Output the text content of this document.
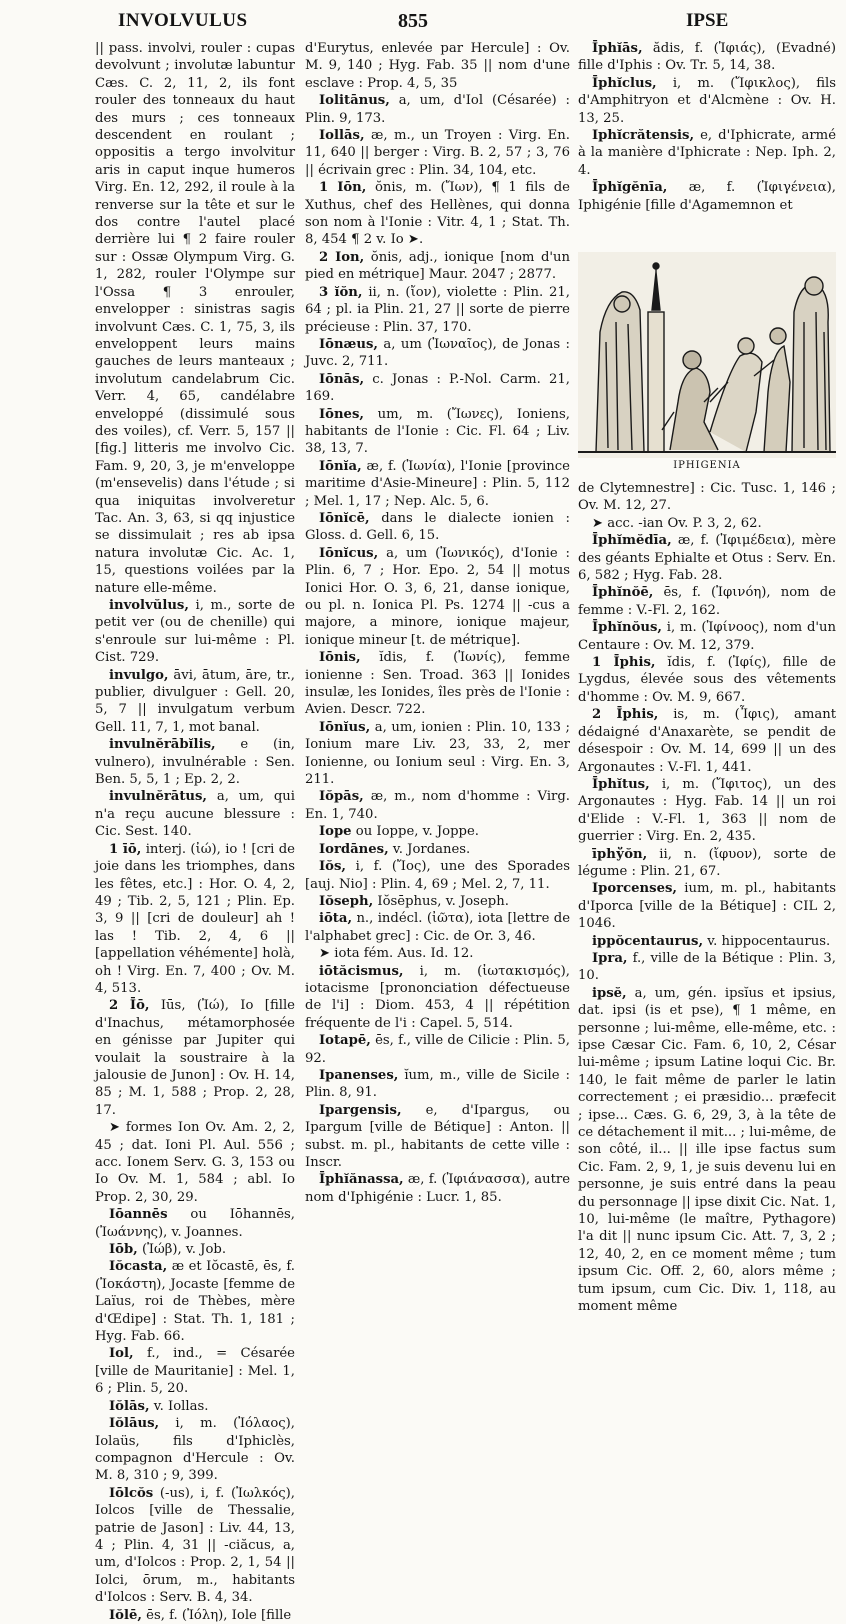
INVOLVULUS	855	IPSE

|| pass. involvi, rouler : cupas devolvunt ; involutæ labuntur Cæs. C. 2, 11, 2, ils font rouler des tonneaux du haut des murs ; ces tonneaux descendent en roulant ; oppositis a tergo involvitur aris in caput inque humeros Virg. En. 12, 292, il roule à la renverse sur la tête et sur le dos contre l'autel placé derrière lui ¶ 2 faire rouler sur : Ossæ Olympum Virg. G. 1, 282, rouler l'Olympe sur l'Ossa ¶ 3 enrouler, envelopper : sinistras sagis involvunt Cæs. C. 1, 75, 3, ils enveloppent leurs mains gauches de leurs manteaux ; involutum candelabrum Cic. Verr. 4, 65, candélabre enveloppé (dissimulé sous des voiles), cf. Verr. 5, 157 || [fig.] litteris me involvo Cic. Fam. 9, 20, 3, je m'enveloppe (m'ensevelis) dans l'étude ; si qua iniquitas involveretur Tac. An. 3, 63, si qq injustice se dissimulait ; res ab ipsa natura involutæ Cic. Ac. 1, 15, questions voilées par la nature elle-même.

involvŭlus, i, m., sorte de petit ver (ou de chenille) qui s'enroule sur lui-même : Pl. Cist. 729.

invulgo, āvi, ātum, āre, tr., publier, divulguer : Gell. 20, 5, 7 || invulgatum verbum Gell. 11, 7, 1, mot banal.

invulnĕrābĭlis, e (in, vulnero), invulnérable : Sen. Ben. 5, 5, 1 ; Ep. 2, 2.

invulnĕrātus, a, um, qui n'a reçu aucune blessure : Cic. Sest. 140.

1 īō, interj. (ἰώ), io ! [cri de joie dans les triomphes, dans les fêtes, etc.] : Hor. O. 4, 2, 49 ; Tib. 2, 5, 121 ; Plin. Ep. 3, 9 || [cri de douleur] ah ! las ! Tib. 2, 4, 6 || [appellation véhémente] holà, oh ! Virg. En. 7, 400 ; Ov. M. 4, 513.

2 Īō, Iūs, (Ἰώ), Io [fille d'Inachus, métamorphosée en génisse par Jupiter qui voulait la soustraire à la jalousie de Junon] : Ov. H. 14, 85 ; M. 1, 588 ; Prop. 2, 28, 17.

➤ formes Ion Ov. Am. 2, 2, 45 ; dat. Ioni Pl. Aul. 556 ; acc. Ionem Serv. G. 3, 153 ou Io Ov. M. 1, 584 ; abl. Io Prop. 2, 30, 29.

Iōannēs ou Iōhannēs, (Ἰωάννης), v. Joannes.

Iōb, (Ἰώβ), v. Job.

Iŏcasta, æ et Iŏcastē, ēs, f. (Ἰοκάστη), Jocaste [femme de Laïus, roi de Thèbes, mère d'Œdipe] : Stat. Th. 1, 181 ; Hyg. Fab. 66.

Iol, f., ind., = Césarée [ville de Mauritanie] : Mel. 1, 6 ; Plin. 5, 20.

Iŏlās, v. Iollas.

Iŏlāus, i, m. (Ἰόλαος), Iolaüs, fils d'Iphiclès, compagnon d'Hercule : Ov. M. 8, 310 ; 9, 399.

Iōlcŏs (-us), i, f. (Ἰωλκός), Iolcos [ville de Thessalie, patrie de Jason] : Liv. 44, 13, 4 ; Plin. 4, 31 || -ciăcus, a, um, d'Iolcos : Prop. 2, 1, 54 || Iolci, ōrum, m., habitants d'Iolcos : Serv. B. 4, 34.

Iŏlē, ēs, f. (Ἰόλη), Iole [fille

d'Eurytus, enlevée par Hercule] : Ov. M. 9, 140 ; Hyg. Fab. 35 || nom d'une esclave : Prop. 4, 5, 35

Iolitānus, a, um, d'Iol (Césarée) : Plin. 9, 173.

Iollās, æ, m., un Troyen : Virg. En. 11, 640 || berger : Virg. B. 2, 57 ; 3, 76 || écrivain grec : Plin. 34, 104, etc.

1 Iōn, ŏnis, m. (Ἴων), ¶ 1 fils de Xuthus, chef des Hellènes, qui donna son nom à l'Ionie : Vitr. 4, 1 ; Stat. Th. 8, 454 ¶ 2 v. Io ➤.

2 Ion, ŏnis, adj., ionique [nom d'un pied en métrique] Maur. 2047 ; 2877.

3 ĭŏn, ii, n. (ἴον), violette : Plin. 21, 64 ; pl. ia Plin. 21, 27 || sorte de pierre précieuse : Plin. 37, 170.

Iōnæus, a, um (Ἰωναῖος), de Jonas : Juvc. 2, 711.

Iōnās, c. Jonas : P.-Nol. Carm. 21, 169.

Iōnes, um, m. (Ἴωνες), Ioniens, habitants de l'Ionie : Cic. Fl. 64 ; Liv. 38, 13, 7.

Iōnĭa, æ, f. (Ἰωνία), l'Ionie [province maritime d'Asie-Mineure] : Plin. 5, 112 ; Mel. 1, 17 ; Nep. Alc. 5, 6.

Iōnĭcē, dans le dialecte ionien : Gloss. d. Gell. 6, 15.

Iōnĭcus, a, um (Ἰωνικός), d'Ionie : Plin. 6, 7 ; Hor. Epo. 2, 54 || motus Ionici Hor. O. 3, 6, 21, danse ionique, ou pl. n. Ionica Pl. Ps. 1274 || -cus a majore, a minore, ionique majeur, ionique mineur [t. de métrique].

Iōnis, ĭdis, f. (Ἰωνίς), femme ionienne : Sen. Troad. 363 || Ionides insulæ, les Ionides, îles près de l'Ionie : Avien. Descr. 722.

Iōnĭus, a, um, ionien : Plin. 10, 133 ; Ionium mare Liv. 23, 33, 2, mer Ionienne, ou Ionium seul : Virg. En. 3, 211.

Iŏpās, æ, m., nom d'homme : Virg. En. 1, 740.

Iope ou Ioppe, v. Joppe.

Iordānes, v. Jordanes.

Iŏs, i, f. (Ἴος), une des Sporades [auj. Nio] : Plin. 4, 69 ; Mel. 2, 7, 11.

Iŏseph, Iŏsēphus, v. Joseph.

iōta, n., indécl. (ἰῶτα), iota [lettre de l'alphabet grec] : Cic. de Or. 3, 46.

➤ iota fém. Aus. Id. 12.

iōtăcismus, i, m. (ἰωτακισμός), iotacisme [prononciation défectueuse de l'i] : Diom. 453, 4 || répétition fréquente de l'i : Capel. 5, 514.

Iotapē, ēs, f., ville de Cilicie : Plin. 5, 92.

Ipanenses, ĭum, m., ville de Sicile : Plin. 8, 91.

Ipargensis, e, d'Ipargus, ou Ipargum [ville de Bétique] : Anton. || subst. m. pl., habitants de cette ville : Inscr.

Īphĭănassa, æ, f. (Ἰφιάνασσα), autre nom d'Iphigénie : Lucr. 1, 85.

Īphĭās, ădis, f. (Ἰφιάς), (Evadné) fille d'Iphis : Ov. Tr. 5, 14, 38.

Īphĭclus, i, m. (Ἴφικλος), fils d'Amphitryon et d'Alcmène : Ov. H. 13, 25.

Iphĭcrătensis, e, d'Iphicrate, armé à la manière d'Iphicrate : Nep. Iph. 2, 4.

Īphĭgĕnīa, æ, f. (Ἰφιγένεια), Iphigénie [fille d'Agamemnon et

IPHIGENIA

de Clytemnestre] : Cic. Tusc. 1, 146 ; Ov. M. 12, 27.

➤ acc. -ian Ov. P. 3, 2, 62.

Īphĭmĕdīa, æ, f. (Ἰφιμέδεια), mère des géants Ephialte et Otus : Serv. En. 6, 582 ; Hyg. Fab. 28.

Īphĭnŏē, ēs, f. (Ἰφινόη), nom de femme : V.-Fl. 2, 162.

Īphĭnŏus, i, m. (Ἰφίνοος), nom d'un Centaure : Ov. M. 12, 379.

1 Īphis, ĭdis, f. (Ἰφίς), fille de Lygdus, élevée sous des vêtements d'homme : Ov. M. 9, 667.

2 Īphis, is, m. (Ἶφις), amant dédaigné d'Anaxarète, se pendit de désespoir : Ov. M. 14, 699 || un des Argonautes : V.-Fl. 1, 441.

Īphĭtus, i, m. (Ἴφιτος), un des Argonautes : Hyg. Fab. 14 || un roi d'Elide : V.-Fl. 1, 363 || nom de guerrier : Virg. En. 2, 435.

īphўŏn, ii, n. (ἴφυον), sorte de légume : Plin. 21, 67.

Iporcenses, ium, m. pl., habitants d'Iporca [ville de la Bétique] : CIL 2, 1046.

ippŏcentaurus, v. hippocentaurus.

Ipra, f., ville de la Bétique : Plin. 3, 10.

ipsĕ, a, um, gén. ipsĭus et ipsius, dat. ipsi (is et pse), ¶ 1 même, en personne ; lui-même, elle-même, etc. : ipse Cæsar Cic. Fam. 6, 10, 2, César lui-même ; ipsum Latine loqui Cic. Br. 140, le fait même de parler le latin correctement ; ei præsidio... præfecit ; ipse... Cæs. G. 6, 29, 3, à la tête de ce détachement il mit... ; lui-même, de son côté, il... || ille ipse factus sum Cic. Fam. 2, 9, 1, je suis devenu lui en personne, je suis entré dans la peau du personnage || ipse dixit Cic. Nat. 1, 10, lui-même (le maître, Pythagore) l'a dit || nunc ipsum Cic. Att. 7, 3, 2 ; 12, 40, 2, en ce moment même ; tum ipsum Cic. Off. 2, 60, alors même ; tum ipsum, cum Cic. Div. 1, 118, au moment même
